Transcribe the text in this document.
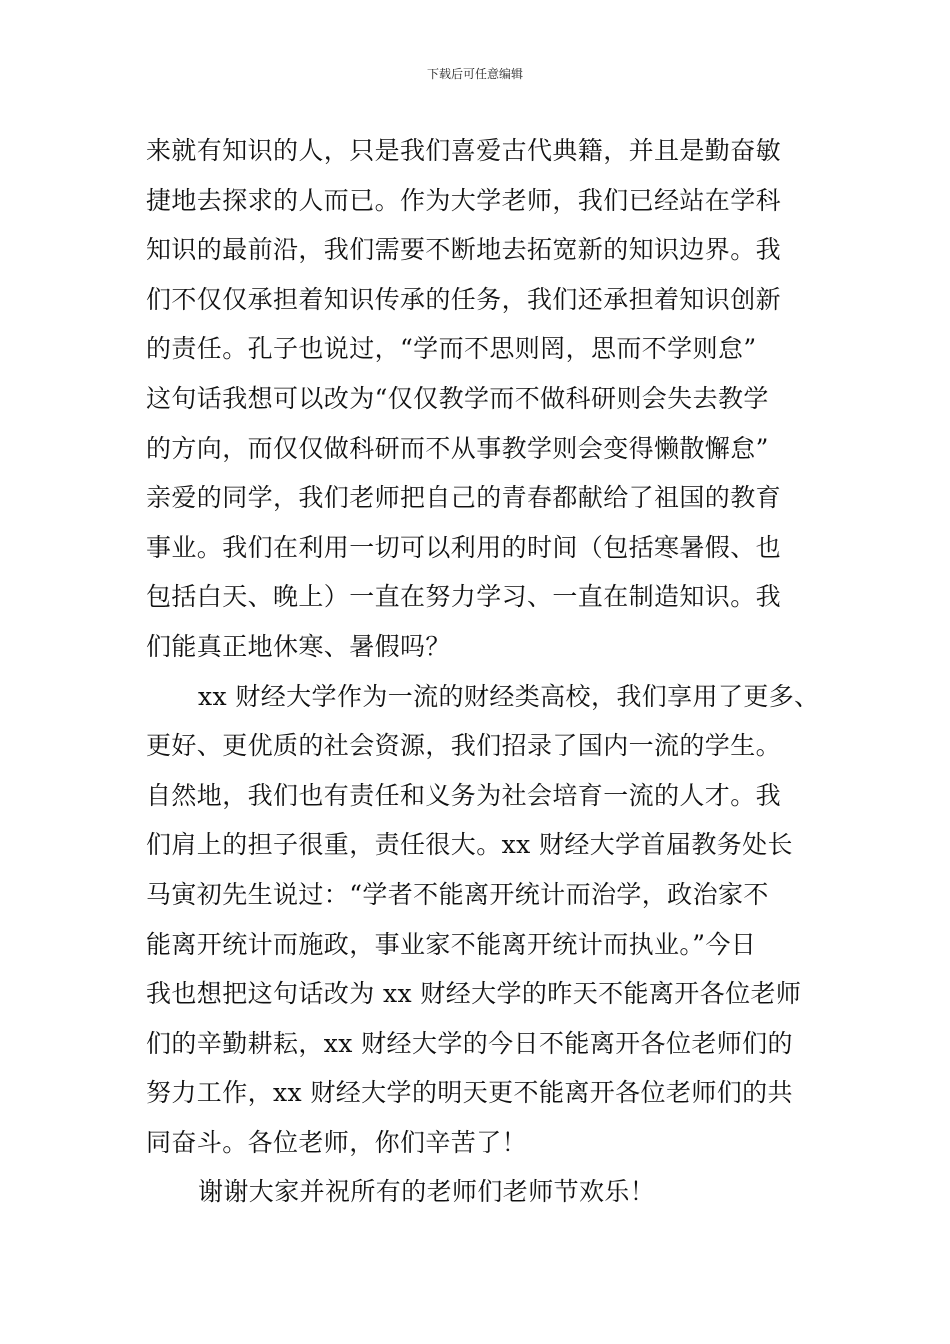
下载后可任意编辑
来就有知识的人，只是我们喜爱古代典籍，并且是勤奋敏
捷地去探求的人而已。作为大学老师，我们已经站在学科
知识的最前沿，我们需要不断地去拓宽新的知识边界。我
们不仅仅承担着知识传承的任务，我们还承担着知识创新
的责任。孔子也说过，“学而不思则罔，思而不学则怠”
这句话我想可以改为“仅仅教学而不做科研则会失去教学
的方向，而仅仅做科研而不从事教学则会变得懒散懈怠”
亲爱的同学，我们老师把自己的青春都献给了祖国的教育
事业。我们在利用一切可以利用的时间（包括寒暑假、也
包括白天、晚上）一直在努力学习、一直在制造知识。我
们能真正地休寒、暑假吗？
xx 财经大学作为一流的财经类高校，我们享用了更多、
更好、更优质的社会资源，我们招录了国内一流的学生。
自然地，我们也有责任和义务为社会培育一流的人才。我
们肩上的担子很重，责任很大。xx 财经大学首届教务处长
马寅初先生说过：“学者不能离开统计而治学，政治家不
能离开统计而施政，事业家不能离开统计而执业。”今日
我也想把这句话改为 xx 财经大学的昨天不能离开各位老师
们的辛勤耕耘，xx 财经大学的今日不能离开各位老师们的
努力工作，xx 财经大学的明天更不能离开各位老师们的共
同奋斗。各位老师，你们辛苦了！
谢谢大家并祝所有的老师们老师节欢乐！
